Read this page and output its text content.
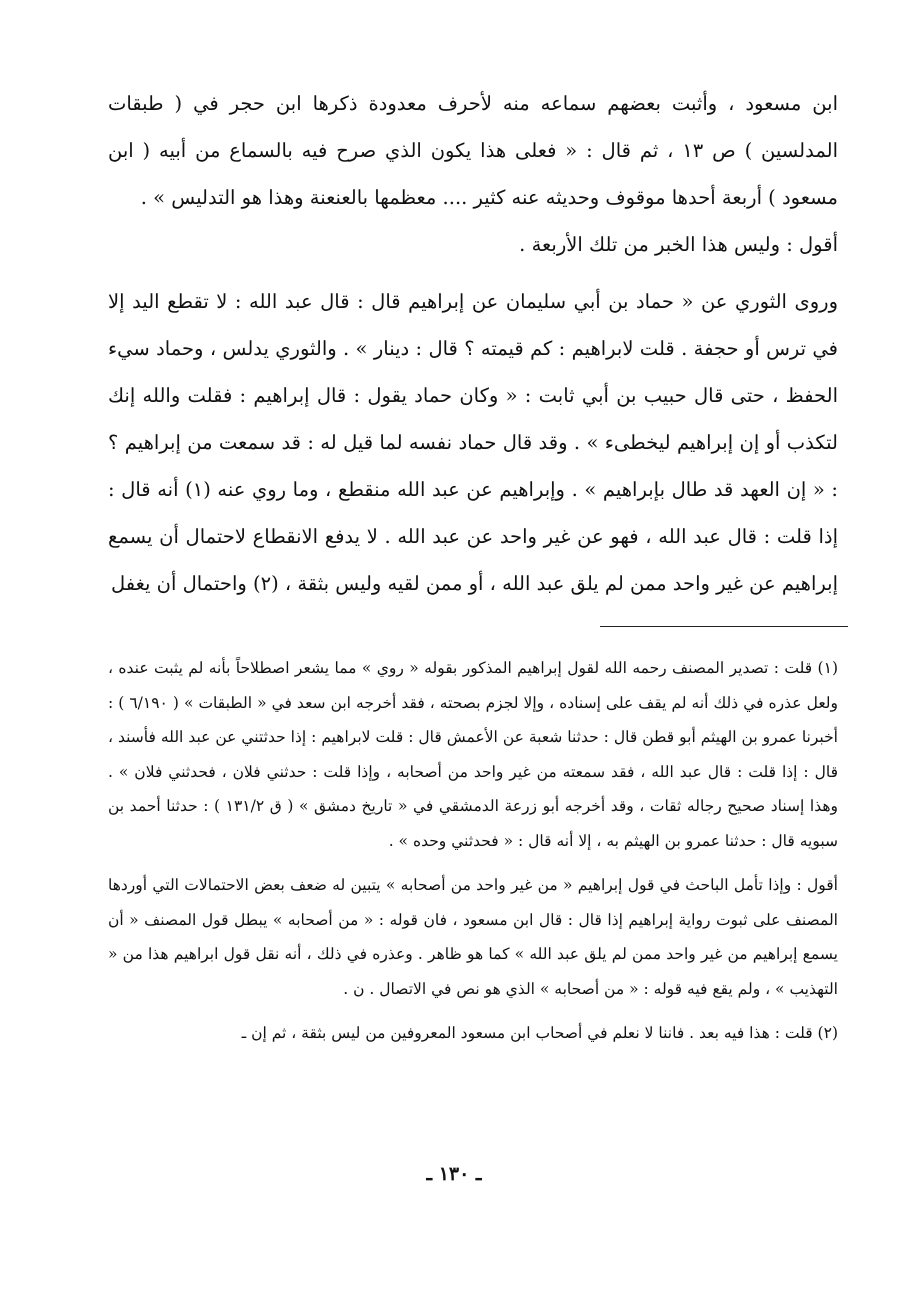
ابن مسعود ، وأثبت بعضهم سماعه منه لأحرف معدودة ذكرها ابن حجر في ( طبقات المدلسين ) ص ١٣ ، ثم قال : « فعلى هذا يكون الذي صرح فيه بالسماع من أبيه ( ابن مسعود ) أربعة أحدها موقوف وحديثه عنه كثير .... معظمها بالعنعنة وهذا هو التدليس » .

أقول : وليس هذا الخبر من تلك الأربعة .

وروى الثوري عن « حماد بن أبي سليمان عن إبراهيم قال : قال عبد الله : لا تقطع اليد إلا في ترس أو حجفة . قلت لابراهيم : كم قيمته ؟ قال : دينار » . والثوري يدلس ، وحماد سيء الحفظ ، حتى قال حبيب بن أبي ثابت : « وكان حماد يقول : قال إبراهيم : فقلت والله إنك لتكذب أو إن إبراهيم ليخطىء » . وقد قال حماد نفسه لما قيل له : قد سمعت من إبراهيم ؟ : « إن العهد قد طال بإبراهيم » . وإبراهيم عن عبد الله منقطع ، وما روي عنه (١) أنه قال : إذا قلت : قال عبد الله ، فهو عن غير واحد عن عبد الله . لا يدفع الانقطاع لاحتمال أن يسمع إبراهيم عن غير واحد ممن لم يلق عبد الله ، أو ممن لقيه وليس بثقة ، (٢) واحتمال أن يغفل

(١) قلت : تصدير المصنف رحمه الله لقول إبراهيم المذكور بقوله « روي » مما يشعر اصطلاحاً بأنه لم يثبت عنده ، ولعل عذره في ذلك أنه لم يقف على إسناده ، وإلا لجزم بصحته ، فقد أخرجه ابن سعد في « الطبقات » ( ٦/١٩٠ ) : أخبرنا عمرو بن الهيثم أبو قطن قال : حدثنا شعبة عن الأعمش قال : قلت لابراهيم : إذا حدثتني عن عبد الله فأسند ، قال : إذا قلت : قال عبد الله ، فقد سمعته من غير واحد من أصحابه ، وإذا قلت : حدثني فلان ، فحدثني فلان » . وهذا إسناد صحيح رجاله ثقات ، وقد أخرجه أبو زرعة الدمشقي في « تاريخ دمشق » ( ق ١٣١/٢ ) : حدثنا أحمد بن سبويه قال : حدثنا عمرو بن الهيثم به ، إلا أنه قال : « فحدثني وحده » .

أقول : وإذا تأمل الباحث في قول إبراهيم « من غير واحد من أصحابه » يتبين له ضعف بعض الاحتمالات التي أوردها المصنف على ثبوت رواية إبراهيم إذا قال : قال ابن مسعود ، فان قوله : « من أصحابه » يبطل قول المصنف « أن يسمع إبراهيم من غير واحد ممن لم يلق عبد الله » كما هو ظاهر . وعذره في ذلك ، أنه نقل قول ابراهيم هذا من « التهذيب » ، ولم يقع فيه قوله : « من أصحابه » الذي هو نص في الاتصال . ن .

(٢) قلت : هذا فيه بعد . فاننا لا نعلم في أصحاب ابن مسعود المعروفين من ليس بثقة ، ثم إن ـ

ـ ١٣٠ ـ
